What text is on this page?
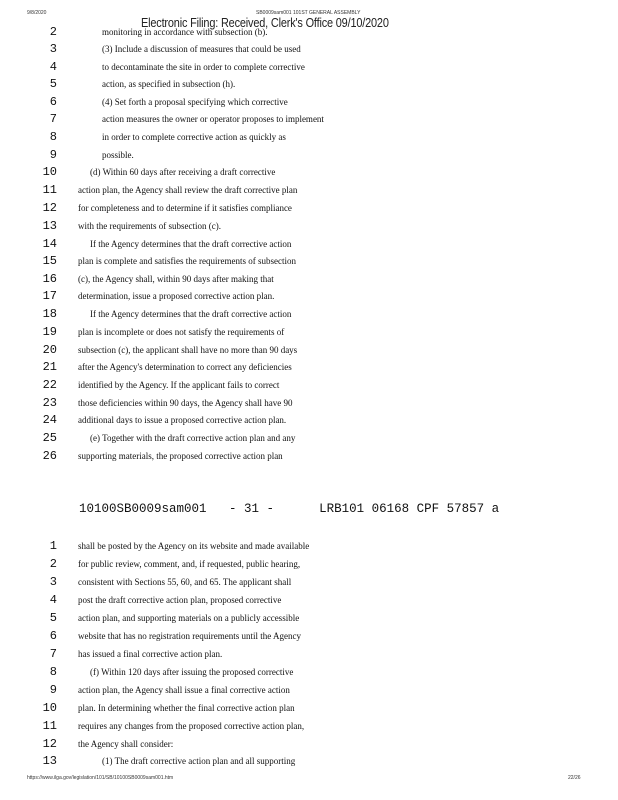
9/8/2020	SB0009sam001 101ST GENERAL ASSEMBLY
Electronic Filing: Received, Clerk's Office 09/10/2020
2	monitoring in accordance with subsection (b).
3	(3) Include a discussion of measures that could be used
4	to decontaminate the site in order to complete corrective
5	action, as specified in subsection (h).
6	(4) Set forth a proposal specifying which corrective
7	action measures the owner or operator proposes to implement
8	in order to complete corrective action as quickly as
9	possible.
10	(d) Within 60 days after receiving a draft corrective
11 action plan, the Agency shall review the draft corrective plan
12 for completeness and to determine if it satisfies compliance
13 with the requirements of subsection (c).
14	If the Agency determines that the draft corrective action
15 plan is complete and satisfies the requirements of subsection
16 (c), the Agency shall, within 90 days after making that
17 determination, issue a proposed corrective action plan.
18	If the Agency determines that the draft corrective action
19 plan is incomplete or does not satisfy the requirements of
20 subsection (c), the applicant shall have no more than 90 days
21 after the Agency's determination to correct any deficiencies
22 identified by the Agency. If the applicant fails to correct
23 those deficiencies within 90 days, the Agency shall have 90
24 additional days to issue a proposed corrective action plan.
25	(e) Together with the draft corrective action plan and any
26 supporting materials, the proposed corrective action plan
10100SB0009sam001 - 31 -	LRB101 06168 CPF 57857 a
1 shall be posted by the Agency on its website and made available
2 for public review, comment, and, if requested, public hearing,
3 consistent with Sections 55, 60, and 65. The applicant shall
4 post the draft corrective action plan, proposed corrective
5 action plan, and supporting materials on a publicly accessible
6 website that has no registration requirements until the Agency
7 has issued a final corrective action plan.
8	(f) Within 120 days after issuing the proposed corrective
9 action plan, the Agency shall issue a final corrective action
10 plan. In determining whether the final corrective action plan
11 requires any changes from the proposed corrective action plan,
12 the Agency shall consider:
13	(1) The draft corrective action plan and all supporting
https://www.ilga.gov/legislation/101/SB/10100SB0009sam001.htm	22/26
